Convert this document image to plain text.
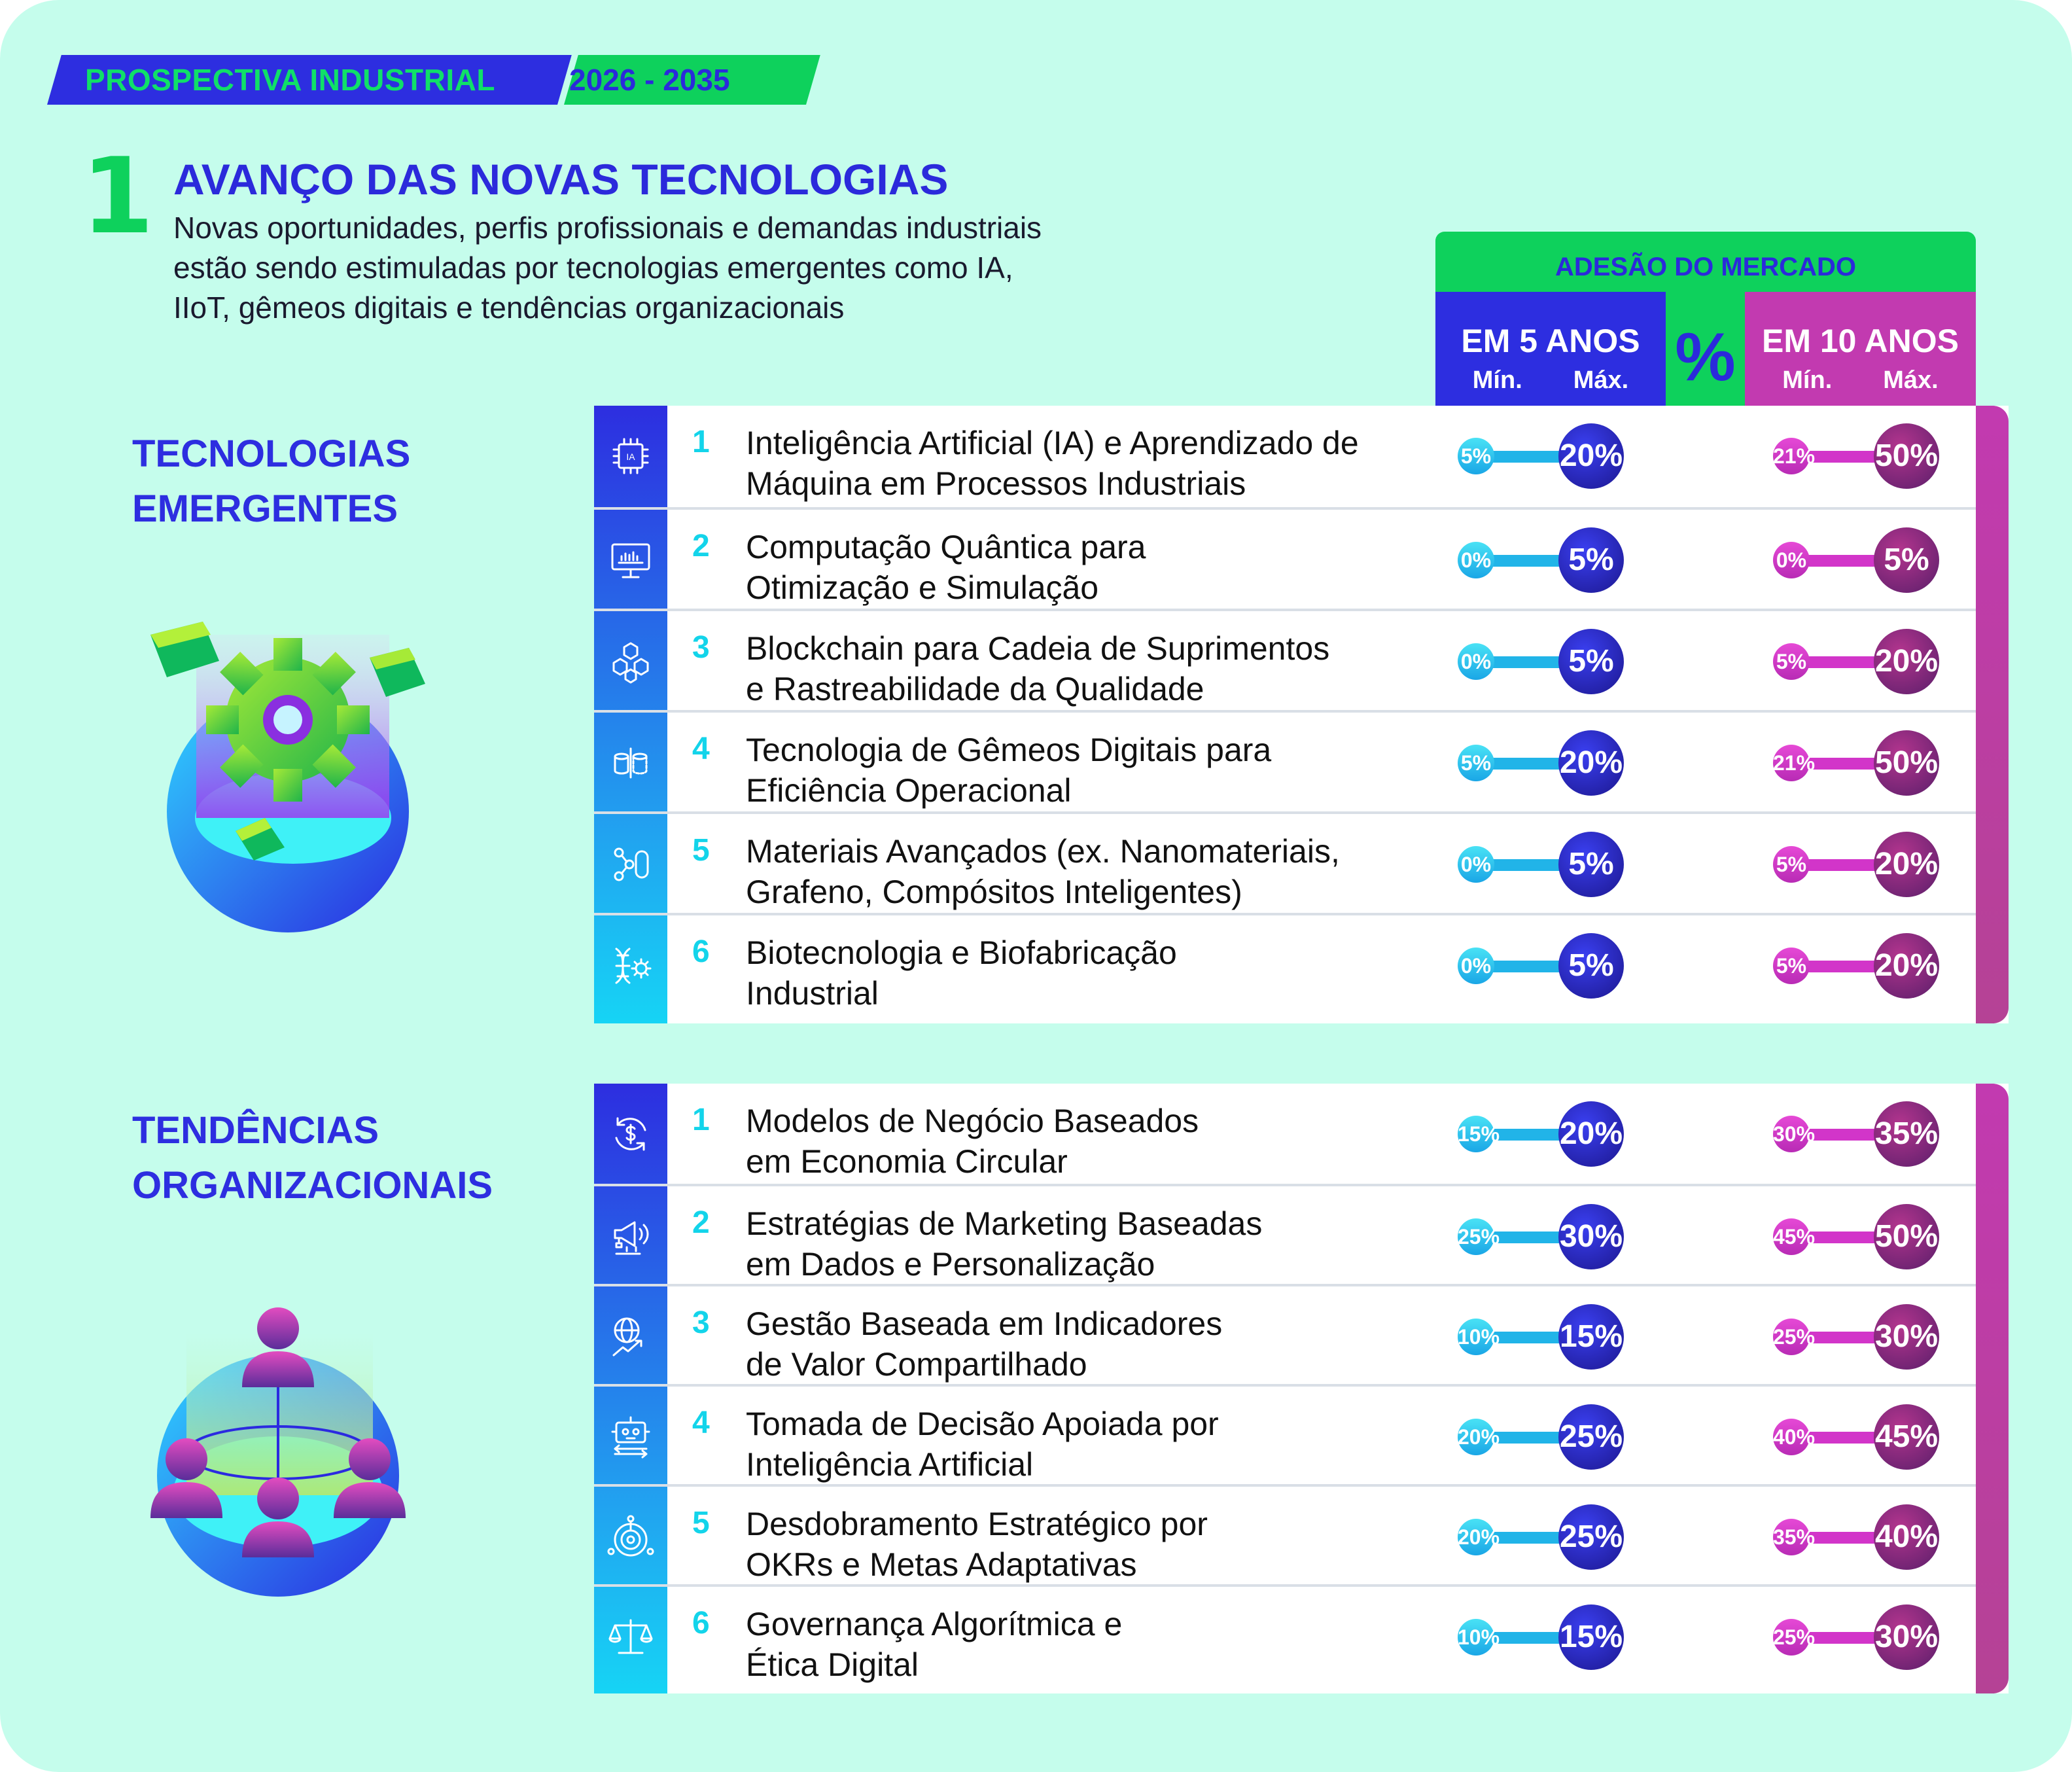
PROSPECTIVA INDUSTRIAL 2026 - 2035
1 AVANÇO DAS NOVAS TECNOLOGIAS
Novas oportunidades, perfis profissionais e demandas industriais
estão sendo estimuladas por tecnologias emergentes como IA,
IIoT, gêmeos digitais e tendências organizacionais
ADESÃO DO MERCADO
EM 5 ANOS
Mín. Máx. % EM 10 ANOS
Mín. Máx.
TECNOLOGIAS
EMERGENTES
IA 1 Inteligência Artificial (IA) e Aprendizado de
Máquina em Processos Industriais
5% 20%	21% 50%
2 Computação Quântica para
Otimização e Simulação
0%	5%	0%	5%
3 Blockchain para Cadeia de Suprimentos
e Rastreabilidade da Qualidade
0%	5%	5% 20%
4 Tecnologia de Gêmeos Digitais para
Eficiência Operacional
5% 20%	21% 50%
5 Materiais Avançados (ex. Nanomateriais,
Grafeno, Compósitos Inteligentes)
0%	5%	5% 20%
6 Biotecnologia e Biofabricação
Industrial
0%	5%	5% 20%
TENDÊNCIAS
ORGANIZACIONAIS
1 Modelos de Negócio Baseados
em Economia Circular
15% 20%	30% 35%
2 Estratégias de Marketing Baseadas
em Dados e Personalização
25% 30%	45% 50%
3 Gestão Baseada em Indicadores
de Valor Compartilhado
10% 15%	25% 30%
4 Tomada de Decisão Apoiada por
Inteligência Artificial
20% 25%	40% 45%
5 Desdobramento Estratégico por
OKRs e Metas Adaptativas
20% 25%	35% 40%
6 Governança Algorítmica e
Ética Digital
10% 15%	25% 30%
